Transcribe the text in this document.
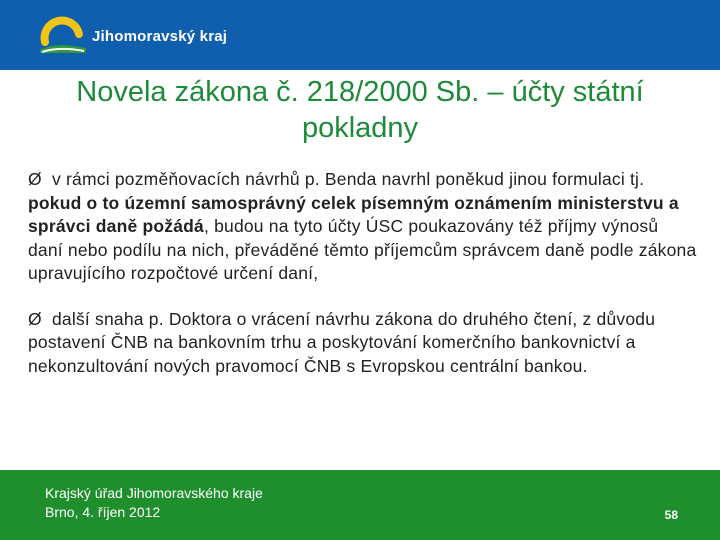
Jihomoravský kraj
Novela zákona č. 218/2000 Sb. – účty státní pokladny

Ø v rámci pozměňovacích návrhů p. Benda navrhl poněkud jinou formulaci tj. pokud o to územní samosprávný celek písemným oznámením ministerstvu a správci daně požádá, budou na tyto účty ÚSC poukazovány též příjmy výnosů daní nebo podílu na nich, převáděné těmto příjemcům správcem daně podle zákona upravujícího rozpočtové určení daní,

Ø další snaha p. Doktora o vrácení návrhu zákona do druhého čtení, z důvodu postavení ČNB na bankovním trhu a poskytování komerčního bankovnictví a nekonzultování nových pravomocí ČNB s Evropskou centrální bankou.

Krajský úřad Jihomoravského kraje
Brno, 4. říjen 2012	58
